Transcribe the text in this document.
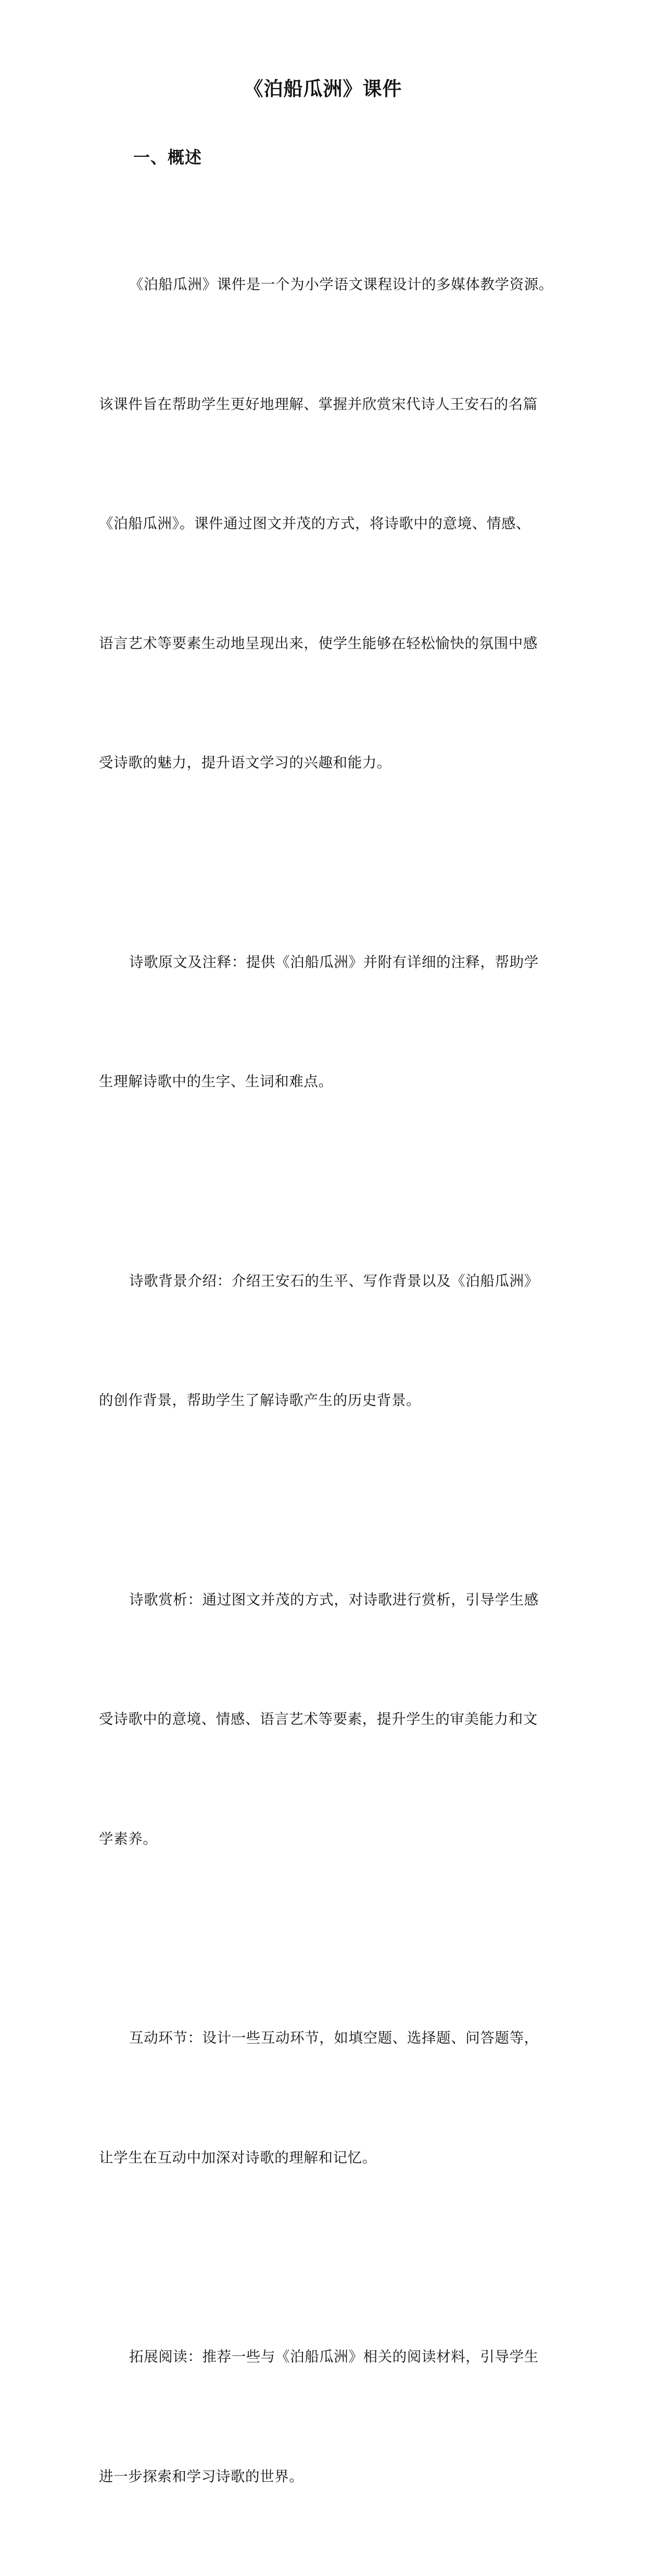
《泊船瓜洲》课件
一、概述

《泊船瓜洲》课件是一个为小学语文课程设计的多媒体教学资源。

该课件旨在帮助学生更好地理解、掌握并欣赏宋代诗人王安石的名篇

《泊船瓜洲》。课件通过图文并茂的方式，将诗歌中的意境、情感、

语言艺术等要素生动地呈现出来，使学生能够在轻松愉快的氛围中感

受诗歌的魅力，提升语文学习的兴趣和能力。

诗歌原文及注释：提供《泊船瓜洲》并附有详细的注释，帮助学

生理解诗歌中的生字、生词和难点。

诗歌背景介绍：介绍王安石的生平、写作背景以及《泊船瓜洲》

的创作背景，帮助学生了解诗歌产生的历史背景。

诗歌赏析：通过图文并茂的方式，对诗歌进行赏析，引导学生感

受诗歌中的意境、情感、语言艺术等要素，提升学生的审美能力和文

学素养。

互动环节：设计一些互动环节，如填空题、选择题、问答题等，

让学生在互动中加深对诗歌的理解和记忆。

拓展阅读：推荐一些与《泊船瓜洲》相关的阅读材料，引导学生

进一步探索和学习诗歌的世界。
